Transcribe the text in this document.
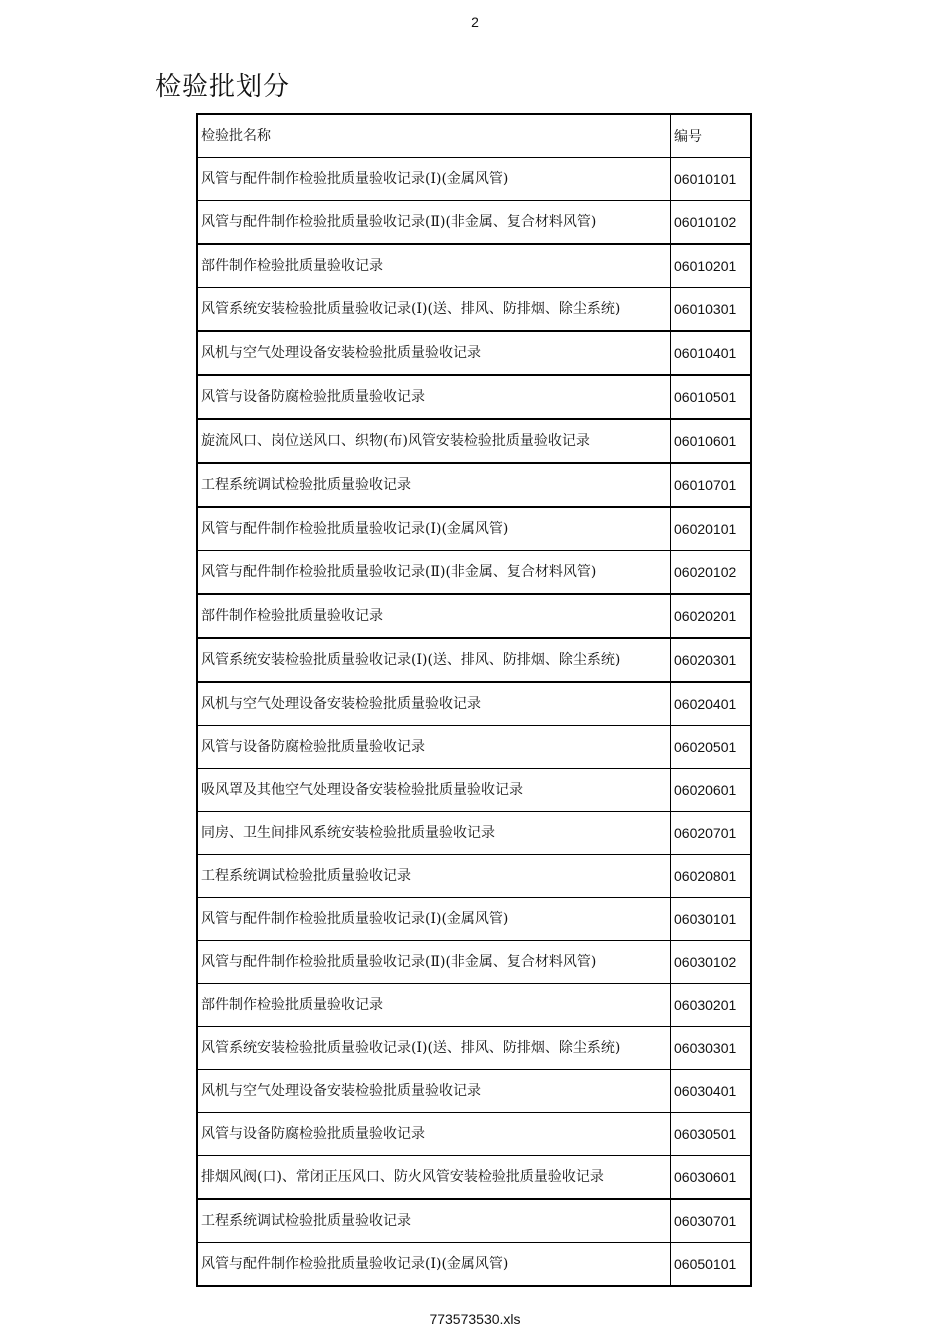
2
检验批划分
检验批名称	编号
风管与配件制作检验批质量验收记录(Ⅰ)(金属风管)	06010101
风管与配件制作检验批质量验收记录(Ⅱ)(非金属、复合材料风管)	06010102
部件制作检验批质量验收记录	06010201
风管系统安装检验批质量验收记录(Ⅰ)(送、排风、防排烟、除尘系统)	06010301
风机与空气处理设备安装检验批质量验收记录	06010401
风管与设备防腐检验批质量验收记录	06010501
旋流风口、岗位送风口、织物(布)风管安装检验批质量验收记录	06010601
工程系统调试检验批质量验收记录	06010701
风管与配件制作检验批质量验收记录(Ⅰ)(金属风管)	06020101
风管与配件制作检验批质量验收记录(Ⅱ)(非金属、复合材料风管)	06020102
部件制作检验批质量验收记录	06020201
风管系统安装检验批质量验收记录(Ⅰ)(送、排风、防排烟、除尘系统)	06020301
风机与空气处理设备安装检验批质量验收记录	06020401
风管与设备防腐检验批质量验收记录	06020501
吸风罩及其他空气处理设备安装检验批质量验收记录	06020601
同房、卫生间排风系统安装检验批质量验收记录	06020701
工程系统调试检验批质量验收记录	06020801
风管与配件制作检验批质量验收记录(Ⅰ)(金属风管)	06030101
风管与配件制作检验批质量验收记录(Ⅱ)(非金属、复合材料风管)	06030102
部件制作检验批质量验收记录	06030201
风管系统安装检验批质量验收记录(Ⅰ)(送、排风、防排烟、除尘系统)	06030301
风机与空气处理设备安装检验批质量验收记录	06030401
风管与设备防腐检验批质量验收记录	06030501
排烟风阀(口)、常闭正压风口、防火风管安装检验批质量验收记录	06030601
工程系统调试检验批质量验收记录	06030701
风管与配件制作检验批质量验收记录(Ⅰ)(金属风管)	06050101
773573530.xls
